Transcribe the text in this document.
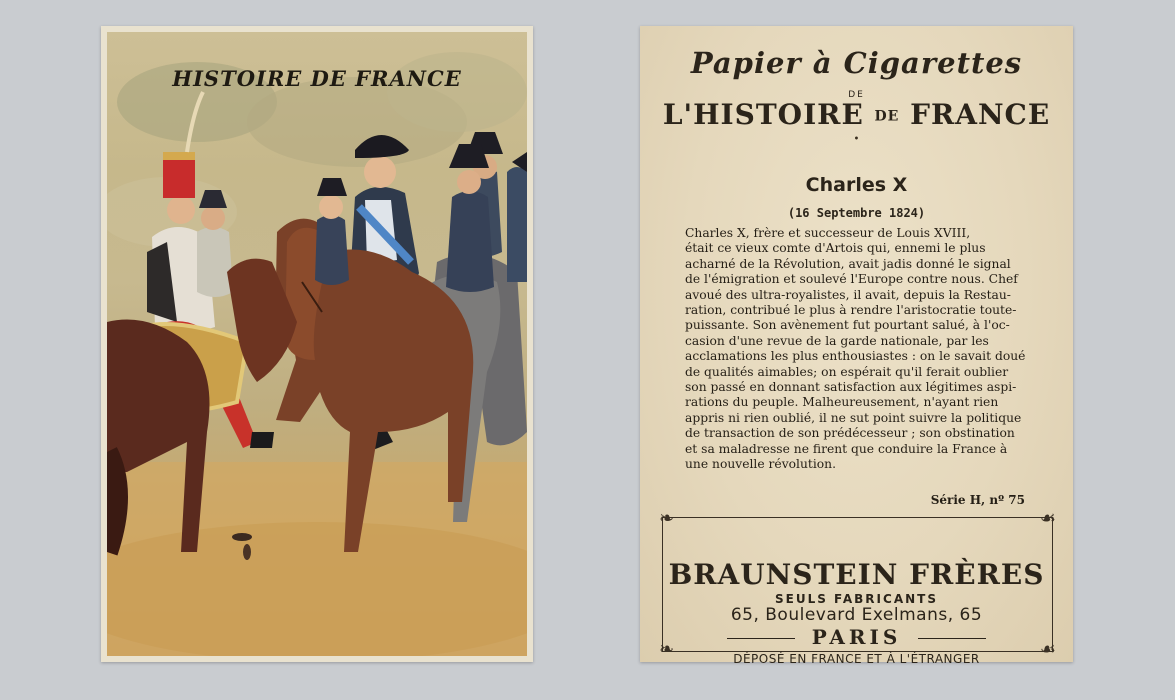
HISTOIRE DE FRANCE	Papier à Cigarettes
DE
L'HISTOIRE DE FRANCE
•
Charles X
(16 Septembre 1824)
Charles X, frère et successeur de Louis XVIII,
était ce vieux comte d'Artois qui, ennemi le plus
acharné de la Révolution, avait jadis donné le signal
de l'émigration et soulevé l'Europe contre nous. Chef
avoué des ultra-royalistes, il avait, depuis la Restau-
ration, contribué le plus à rendre l'aristocratie toute-
puissante. Son avènement fut pourtant salué, à l'oc-
casion d'une revue de la garde nationale, par les
acclamations les plus enthousiastes : on le savait doué
de qualités aimables; on espérait qu'il ferait oublier
son passé en donnant satisfaction aux légitimes aspi-
rations du peuple. Malheureusement, n'ayant rien
appris ni rien oublié, il ne sut point suivre la politique
de transaction de son prédécesseur ; son obstination
et sa maladresse ne firent que conduire la France à
une nouvelle révolution.
Série H, nº 75
❧	☙
❧	☙
BRAUNSTEIN FRÈRES
SEULS FABRICANTS
65, Boulevard Exelmans, 65
PARIS
DÉPOSÉ EN FRANCE ET À L'ÉTRANGER
